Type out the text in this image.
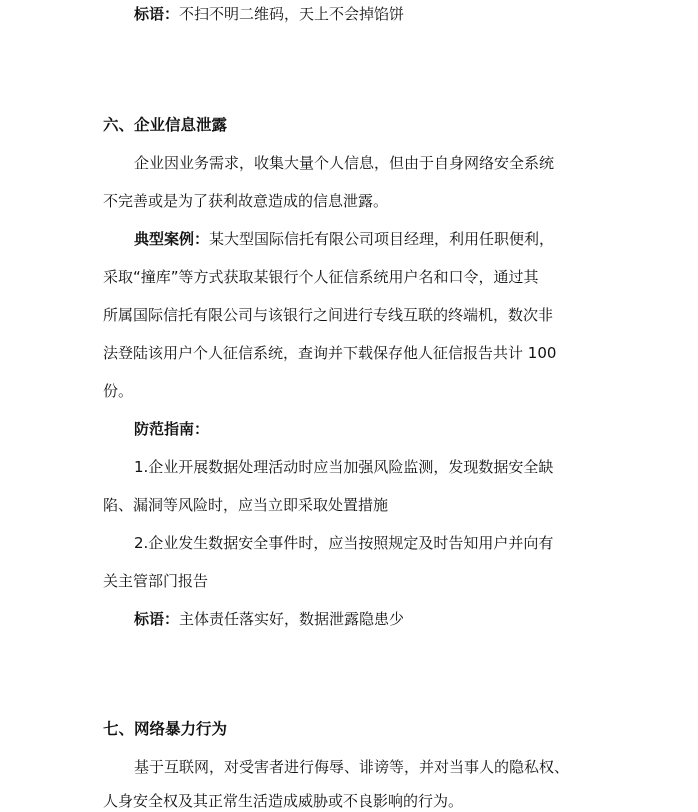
标语：不扫不明二维码，天上不会掉馅饼
六、企业信息泄露
企业因业务需求，收集大量个人信息，但由于自身网络安全系统
不完善或是为了获利故意造成的信息泄露。
典型案例：某大型国际信托有限公司项目经理，利用任职便利，
采取“撞库”等方式获取某银行个人征信系统用户名和口令，通过其
所属国际信托有限公司与该银行之间进行专线互联的终端机，数次非
法登陆该用户个人征信系统，查询并下载保存他人征信报告共计 100
份。
防范指南：
1.企业开展数据处理活动时应当加强风险监测，发现数据安全缺
陷、漏洞等风险时，应当立即采取处置措施
2.企业发生数据安全事件时，应当按照规定及时告知用户并向有
关主管部门报告
标语：主体责任落实好，数据泄露隐患少
七、网络暴力行为
基于互联网，对受害者进行侮辱、诽谤等，并对当事人的隐私权、
人身安全权及其正常生活造成威胁或不良影响的行为。
